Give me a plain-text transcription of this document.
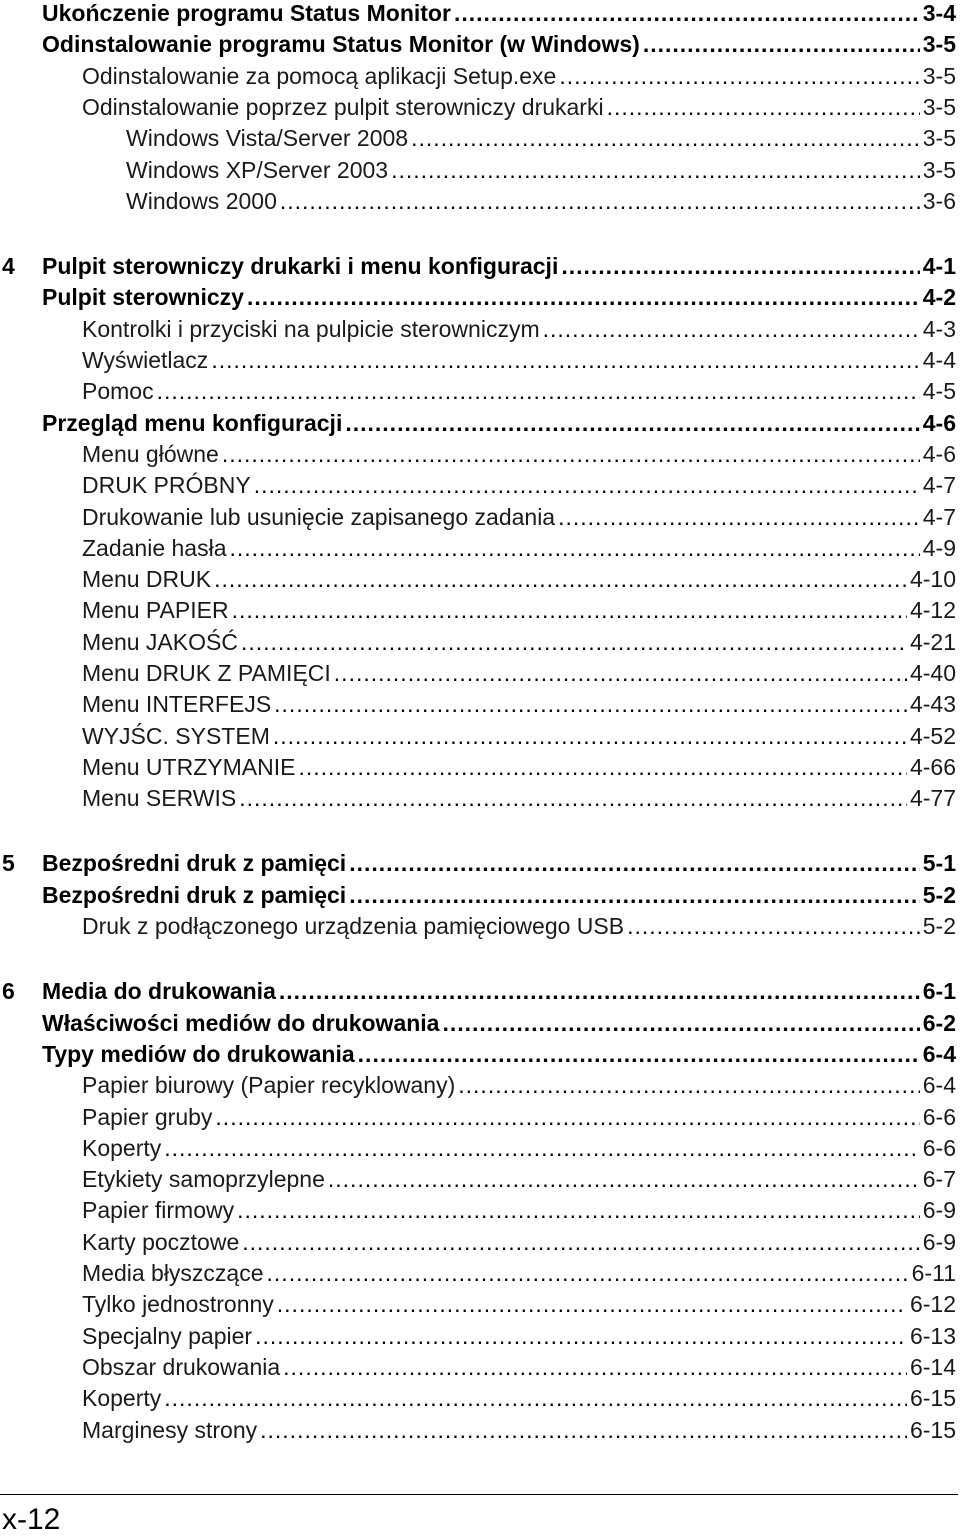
Ukończenie programu Status Monitor .....	3-4
Odinstalowanie programu Status Monitor (w Windows) .....	3-5
Odinstalowanie za pomocą aplikacji Setup.exe .....	3-5
Odinstalowanie poprzez pulpit sterowniczy drukarki .....	3-5
Windows Vista/Server 2008 .....	3-5
Windows XP/Server 2003 .....	3-5
Windows 2000 .....	3-6
4 Pulpit sterowniczy drukarki i menu konfiguracji .....	4-1
Pulpit sterowniczy .....	4-2
Kontrolki i przyciski na pulpicie sterowniczym .....	4-3
Wyświetlacz .....	4-4
Pomoc .....	4-5
Przegląd menu konfiguracji .....	4-6
Menu główne .....	4-6
DRUK PRÓBNY .....	4-7
Drukowanie lub usunięcie zapisanego zadania .....	4-7
Zadanie hasła .....	4-9
Menu DRUK .....	4-10
Menu PAPIER .....	4-12
Menu JAKOŚĆ .....	4-21
Menu DRUK Z PAMIĘCI .....	4-40
Menu INTERFEJS .....	4-43
WYJŚC. SYSTEM .....	4-52
Menu UTRZYMANIE .....	4-66
Menu SERWIS .....	4-77
5 Bezpośredni druk z pamięci .....	5-1
Bezpośredni druk z pamięci .....	5-2
Druk z podłączonego urządzenia pamięciowego USB .....	5-2
6 Media do drukowania .....	6-1
Właściwości mediów do drukowania .....	6-2
Typy mediów do drukowania .....	6-4
Papier biurowy (Papier recyklowany) .....	6-4
Papier gruby .....	6-6
Koperty .....	6-6
Etykiety samoprzylepne .....	6-7
Papier firmowy .....	6-9
Karty pocztowe .....	6-9
Media błyszczące .....	6-11
Tylko jednostronny .....	6-12
Specjalny papier .....	6-13
Obszar drukowania .....	6-14
Koperty .....	6-15
Marginesy strony .....	6-15
x-12
